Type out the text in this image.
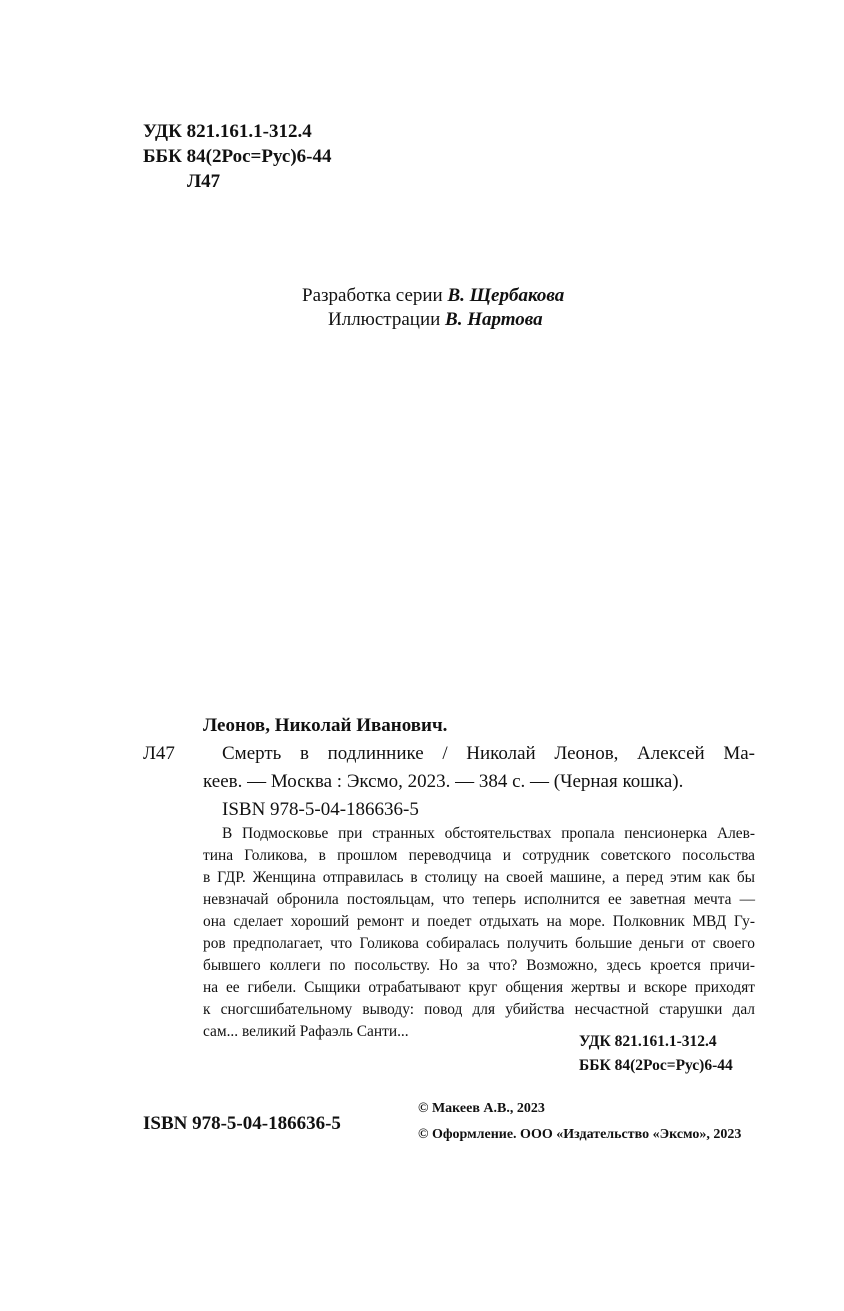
УДК 821.161.1-312.4
ББК 84(2Рос=Рус)6-44
Л47
Разработка серии В. Щербакова
Иллюстрации В. Нартова
Леонов, Николай Иванович.
Л47 Смерть в подлиннике / Николай Леонов, Алексей Ма-
кеев. — Москва : Эксмо, 2023. — 384 с. — (Черная кошка).
ISBN 978-5-04-186636-5
В Подмосковье при странных обстоятельствах пропала пенсионерка Алев-
тина Голикова, в прошлом переводчица и сотрудник советского посольства
в ГДР. Женщина отправилась в столицу на своей машине, а перед этим как бы
невзначай обронила постояльцам, что теперь исполнится ее заветная мечта —
она сделает хороший ремонт и поедет отдыхать на море. Полковник МВД Гу-
ров предполагает, что Голикова собиралась получить большие деньги от своего
бывшего коллеги по посольству. Но за что? Возможно, здесь кроется причи-
на ее гибели. Сыщики отрабатывают круг общения жертвы и вскоре приходят
к сногсшибательному выводу: повод для убийства несчастной старушки дал
сам... великий Рафаэль Санти...
УДК 821.161.1-312.4
ББК 84(2Рос=Рус)6-44
ISBN 978-5-04-186636-5
© Макеев А.В., 2023
© Оформление. ООО «Издательство «Эксмо», 2023
